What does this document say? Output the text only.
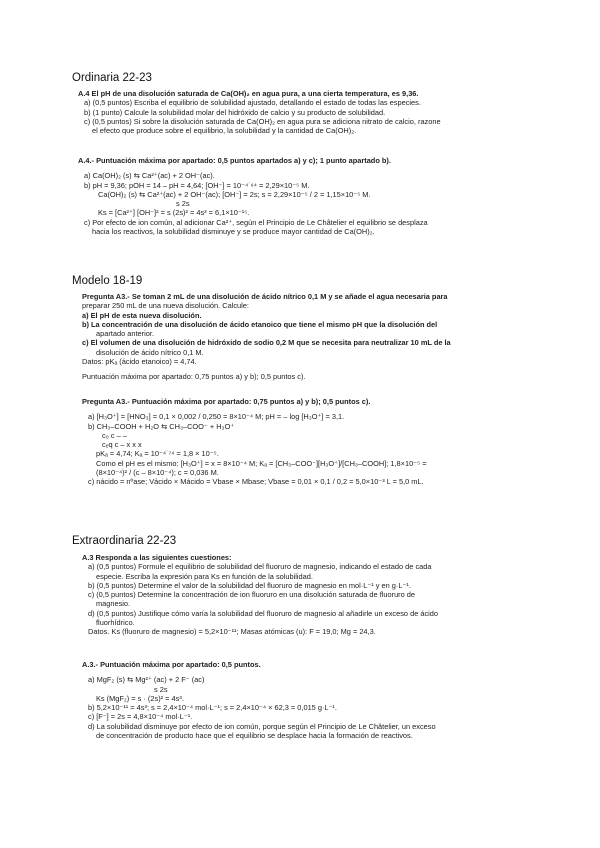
Ordinaria 22-23

A.4 El pH de una disolución saturada de Ca(OH)₂ en agua pura, a una cierta temperatura, es 9,36.

a) (0,5 puntos) Escriba el equilibrio de solubilidad ajustado, detallando el estado de todas las especies.

b) (1 punto) Calcule la solubilidad molar del hidróxido de calcio y su producto de solubilidad.

c) (0,5 puntos) Si sobre la disolución saturada de Ca(OH)₂ en agua pura se adiciona nitrato de calcio, razone

el efecto que produce sobre el equilibrio, la solubilidad y la cantidad de Ca(OH)₂.

A.4.- Puntuación máxima por apartado: 0,5 puntos apartados a) y c); 1 punto apartado b).

a) Ca(OH)₂ (s) ⇆ Ca²⁺(ac) + 2 OH⁻(ac).

b) pH = 9,36; pOH = 14 – pH = 4,64; [OH⁻] = 10⁻⁴˙⁶⁴ = 2,29×10⁻⁵ M.

Ca(OH)₂ (s) ⇆ Ca²⁺(ac) + 2 OH⁻(ac); [OH⁻] = 2s; s = 2,29×10⁻⁵ / 2 = 1,15×10⁻⁵ M.

s 2s

Ks = [Ca²⁺] [OH⁻]² = s (2s)² = 4s³ = 6,1×10⁻¹⁵.

c) Por efecto de ion común, al adicionar Ca²⁺, según el Principio de Le Châtelier el equilibrio se desplaza

hacia los reactivos, la solubilidad disminuye y se produce mayor cantidad de Ca(OH)₂.

Modelo 18-19

Pregunta A3.- Se toman 2 mL de una disolución de ácido nítrico 0,1 M y se añade el agua necesaria para

preparar 250 mL de una nueva disolución. Calcule:

a) El pH de esta nueva disolución.

b) La concentración de una disolución de ácido etanoico que tiene el mismo pH que la disolución del

apartado anterior.

c) El volumen de una disolución de hidróxido de sodio 0,2 M que se necesita para neutralizar 10 mL de la

disolución de ácido nítrico 0,1 M.

Datos: pKₐ (ácido etanoico) = 4,74.

Puntuación máxima por apartado: 0,75 puntos a) y b); 0,5 puntos c).

Pregunta A3.- Puntuación máxima por apartado: 0,75 puntos a) y b); 0,5 puntos c).

a) [H₃O⁺] = [HNO₃] = 0,1 × 0,002 / 0,250 = 8×10⁻⁴ M; pH = – log [H₃O⁺] = 3,1.

b) CH₃–COOH + H₂O ⇆ CH₃–COO⁻ + H₃O⁺

c₀ c – –

cₑq c – x x x

pKₐ = 4,74; Kₐ = 10⁻⁴˙⁷⁴ = 1,8 × 10⁻⁵.

Como el pH es el mismo: [H₃O⁺] = x = 8×10⁻⁴ M; Kₐ = [CH₃–COO⁻][H₃O⁺]/[CH₃–COOH]; 1,8×10⁻⁵ =

(8×10⁻⁴)² / (c – 8×10⁻⁴); c = 0,036 M.

c) nácido = nºase; Vácido × Mácido = Vbase × Mbase; Vbase = 0,01 × 0,1 / 0,2 = 5,0×10⁻³ L = 5,0 mL.

Extraordinaria 22-23

A.3 Responda a las siguientes cuestiones:

a) (0,5 puntos) Formule el equilibrio de solubilidad del fluoruro de magnesio, indicando el estado de cada

especie. Escriba la expresión para Ks en función de la solubilidad.

b) (0,5 puntos) Determine el valor de la solubilidad del fluoruro de magnesio en mol·L⁻¹ y en g·L⁻¹.

c) (0,5 puntos) Determine la concentración de ion fluoruro en una disolución saturada de fluoruro de

magnesio.

d) (0,5 puntos) Justifique cómo varía la solubilidad del fluoruro de magnesio al añadirle un exceso de ácido

fluorhídrico.

Datos. Ks (fluoruro de magnesio) = 5,2×10⁻¹¹; Masas atómicas (u): F = 19,0; Mg = 24,3.

A.3.- Puntuación máxima por apartado: 0,5 puntos.

a) MgF₂ (s) ⇆ Mg²⁺ (ac) + 2 F⁻ (ac)

s 2s

Ks (MgF₂) = s · (2s)² = 4s³.

b) 5,2×10⁻¹¹ = 4s³; s = 2,4×10⁻⁴ mol·L⁻¹; s = 2,4×10⁻⁴ × 62,3 = 0,015 g·L⁻¹.

c) [F⁻] = 2s = 4,8×10⁻⁴ mol·L⁻¹.

d) La solubilidad disminuye por efecto de ion común, porque según el Principio de Le Châtelier, un exceso

de concentración de producto hace que el equilibrio se desplace hacia la formación de reactivos.
